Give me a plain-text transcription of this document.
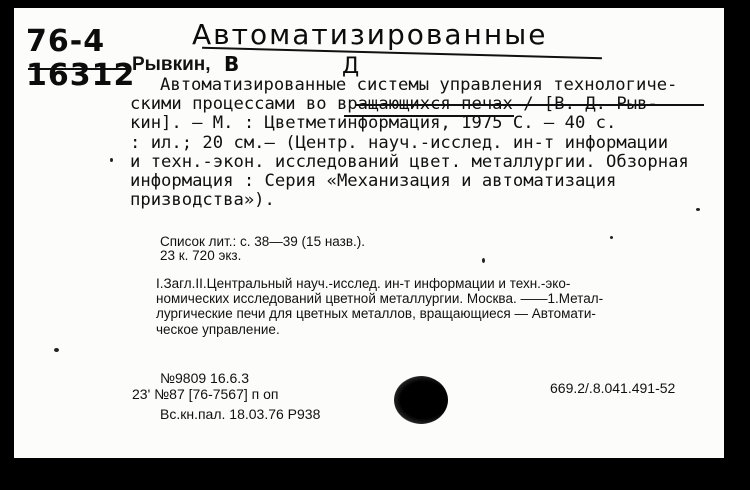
76-4
16312
Автоматизированные
Рывкин, В	Д
Автоматизированные системы управления технологиче-
скими процессами во вращающихся печах / [В. Д. Рыв-
кин]. — М. : Цветметинформация, 1975 С. — 40 с.
: ил.; 20 см.— (Центр. науч.-исслед. ин-т информации
и техн.-экон. исследований цвет. металлургии. Обзорная
информация : Серия «Механизация и автоматизация
призводства»).
Список лит.: с. 38—39 (15 назв.).
23 к. 720 экз.
I.Загл.II.Центральный науч.-исслед. ин-т информации и техн.-эко-
номических исследований цветной металлургии. Москва. ——1.Метал-
лургические печи для цветных металлов, вращающиеся — Автомати-
ческое управление.
№9809 16.6.3
23' №87 [76-7567] п оп
Вс.кн.пал. 18.03.76 Р938
669.2/.8.041.491-52
